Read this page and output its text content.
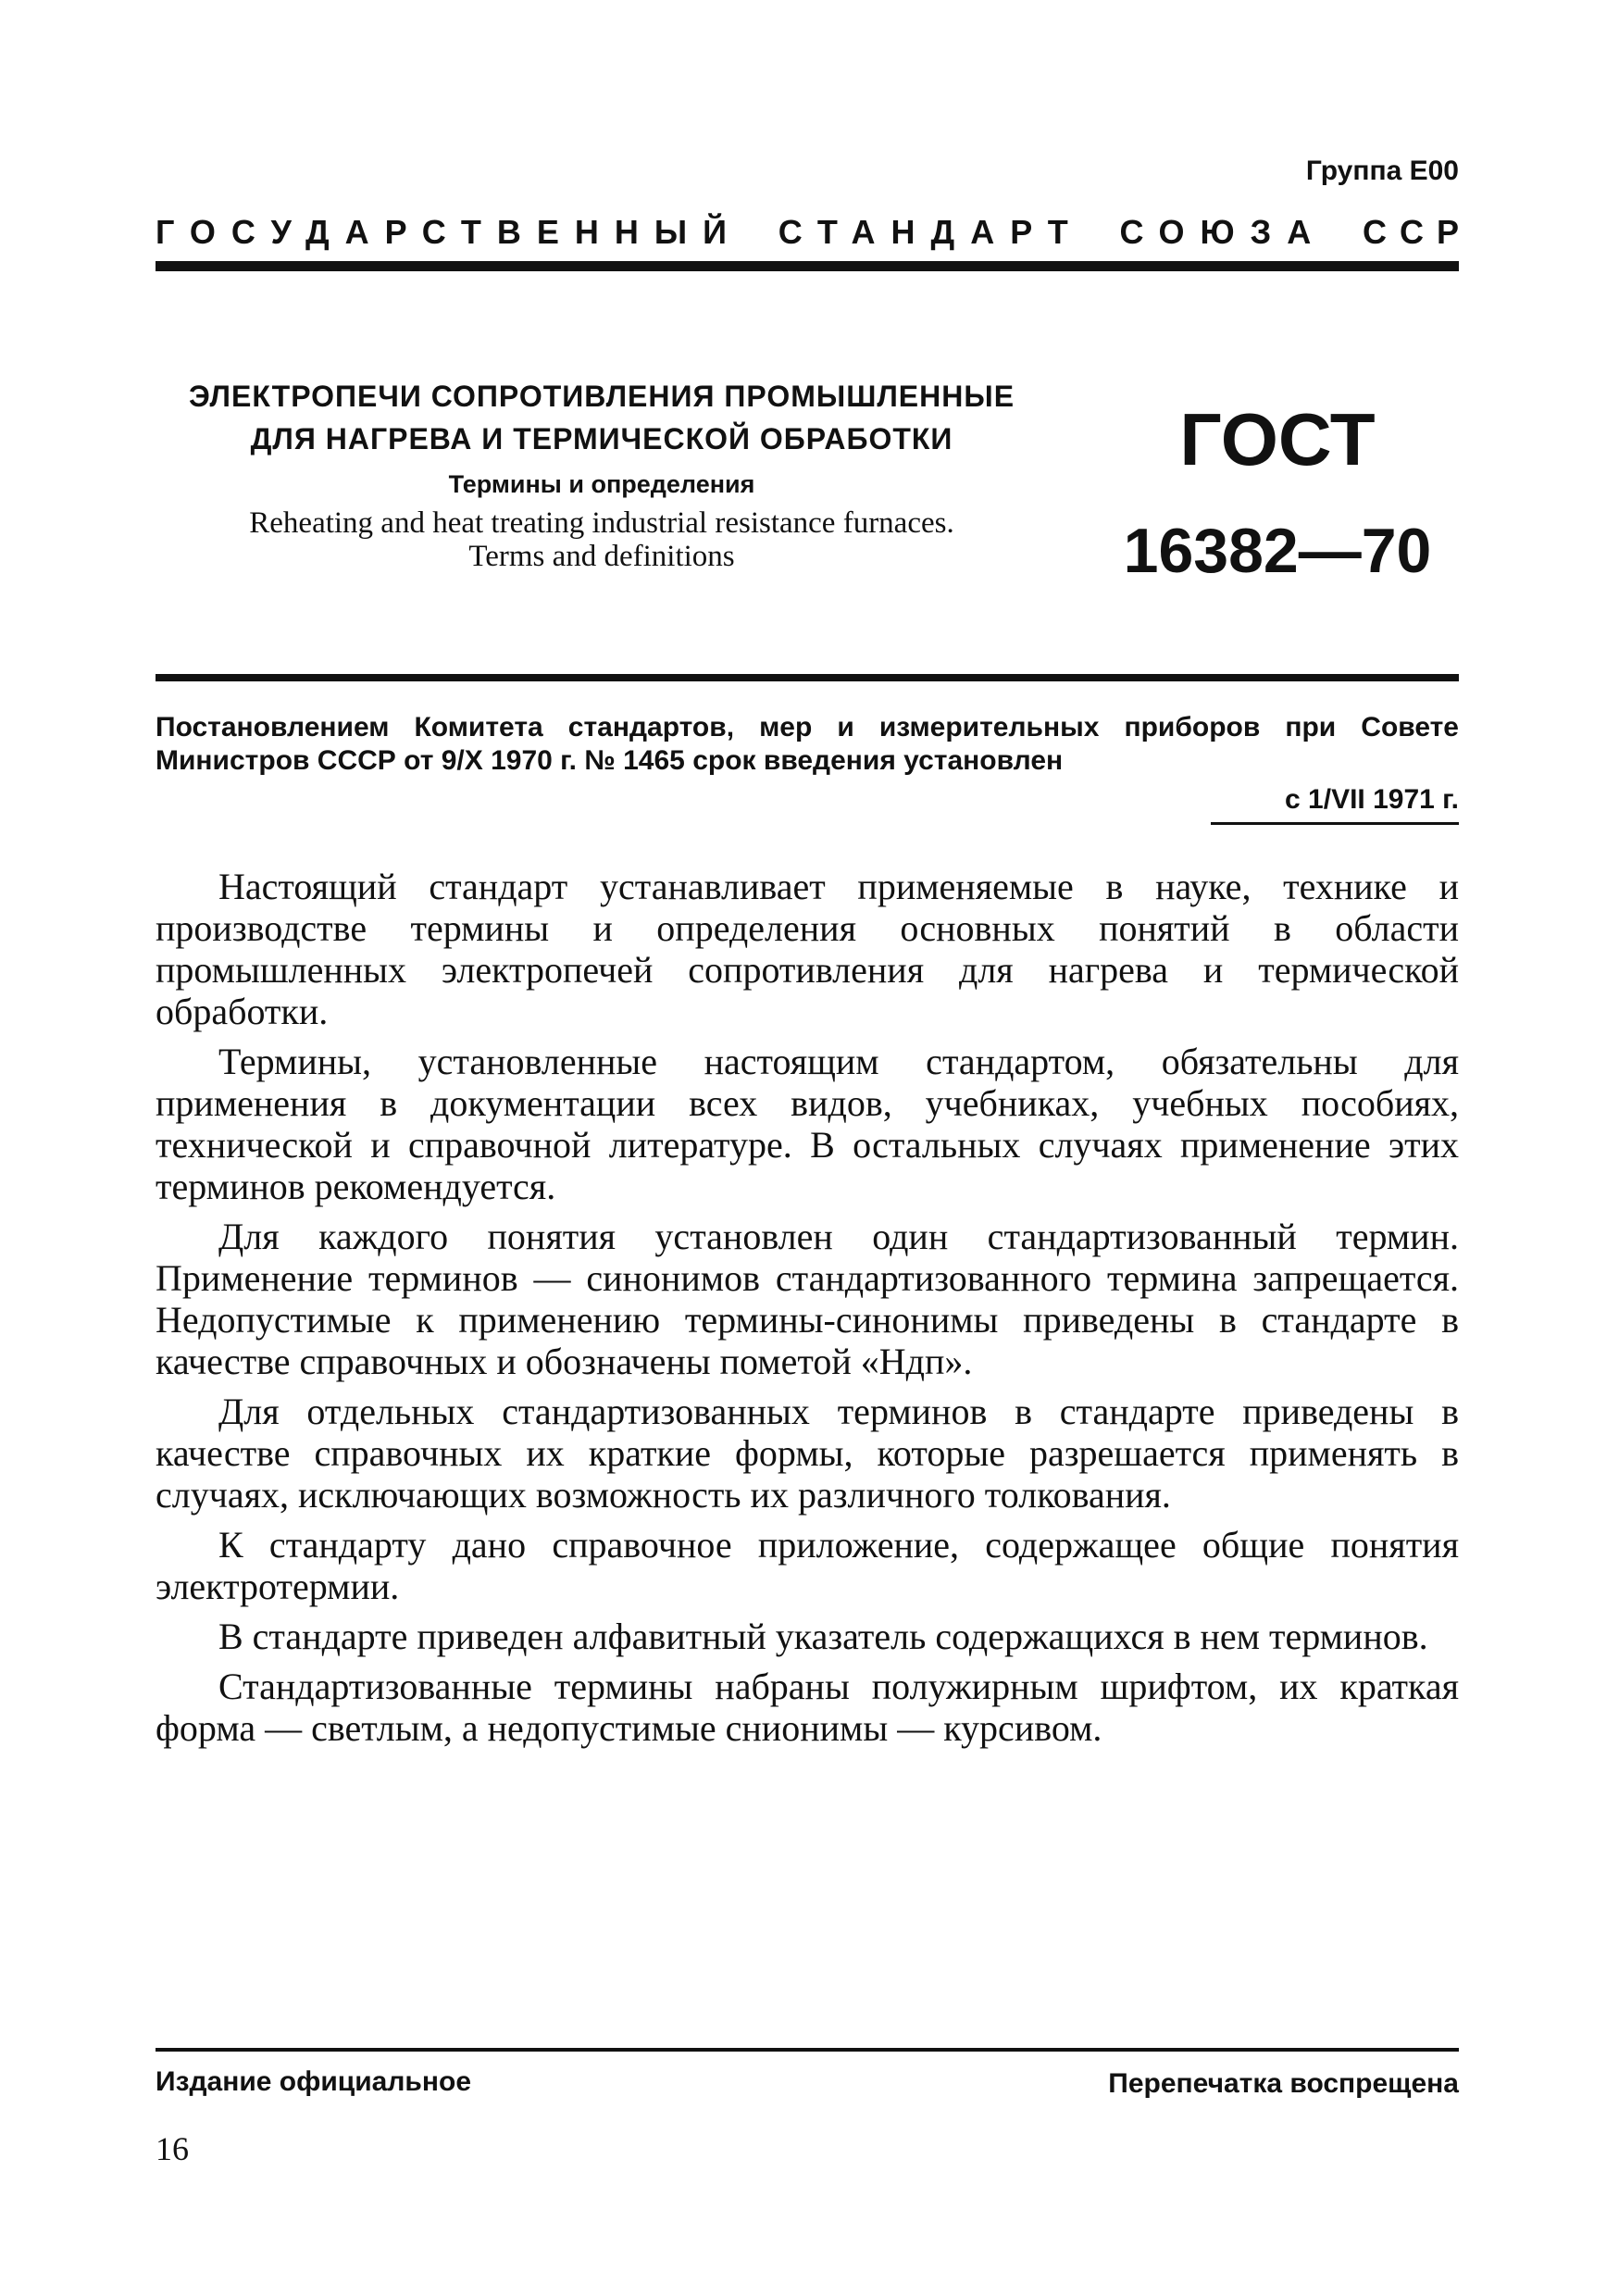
Группа Е00
ГОСУДАРСТВЕННЫЙ СТАНДАРТ СОЮЗА ССР
ЭЛЕКТРОПЕЧИ СОПРОТИВЛЕНИЯ ПРОМЫШЛЕННЫЕ
ДЛЯ НАГРЕВА И ТЕРМИЧЕСКОЙ ОБРАБОТКИ
Термины и определения
Reheating and heat treating industrial resistance furnaces.
Terms and definitions
ГОСТ
16382—70
Постановлением Комитета стандартов, мер и измерительных приборов при Совете Министров СССР от 9/X 1970 г. № 1465 срок введения установлен
с 1/VII 1971 г.

Настоящий стандарт устанавливает применяемые в науке, технике и производстве термины и определения основных понятий в области промышленных электропечей сопротивления для нагрева и термической обработки.

Термины, установленные настоящим стандартом, обязательны для применения в документации всех видов, учебниках, учебных пособиях, технической и справочной литературе. В остальных случаях применение этих терминов рекомендуется.

Для каждого понятия установлен один стандартизованный термин. Применение терминов — синонимов стандартизованного термина запрещается. Недопустимые к применению термины-синонимы приведены в стандарте в качестве справочных и обозначены пометой «Ндп».

Для отдельных стандартизованных терминов в стандарте приведены в качестве справочных их краткие формы, которые разрешается применять в случаях, исключающих возможность их различного толкования.

К стандарту дано справочное приложение, содержащее общие понятия электротермии.

В стандарте приведен алфавитный указатель содержащихся в нем терминов.

Стандартизованные термины набраны полужирным шрифтом, их краткая форма — светлым, а недопустимые снионимы — курсивом.

Издание официальное	Перепечатка воспрещена
16
